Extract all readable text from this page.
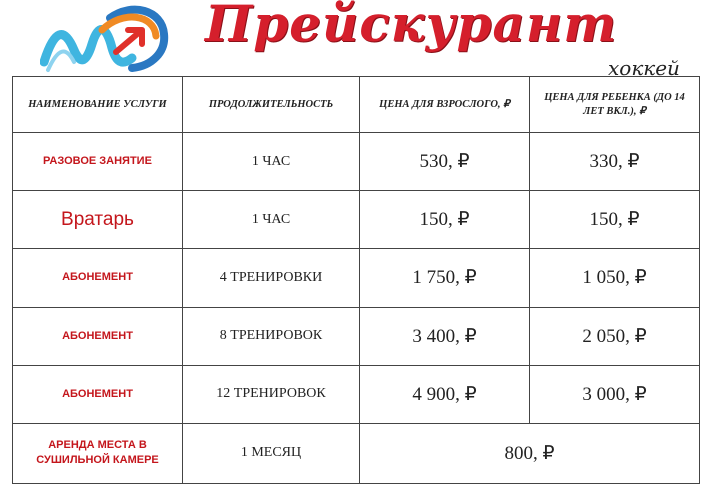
Прейскурант
хоккей
НАИМЕНОВАНИЕ УСЛУГИ	ПРОДОЛЖИТЕЛЬНОСТЬ	ЦЕНА ДЛЯ ВЗРОСЛОГО, ₽	ЦЕНА ДЛЯ РЕБЕНКА (ДО 14 ЛЕТ ВКЛ.), ₽
РАЗОВОЕ ЗАНЯТИЕ	1 ЧАС	530, ₽	330, ₽
Вратарь	1 ЧАС	150, ₽	150, ₽
АБОНЕМЕНТ	4 ТРЕНИРОВКИ	1 750, ₽	1 050, ₽
АБОНЕМЕНТ	8 ТРЕНИРОВОК	3 400, ₽	2 050, ₽
АБОНЕМЕНТ	12 ТРЕНИРОВОК	4 900, ₽	3 000, ₽
АРЕНДА МЕСТА В СУШИЛЬНОЙ КАМЕРЕ	1 МЕСЯЦ	800, ₽	
